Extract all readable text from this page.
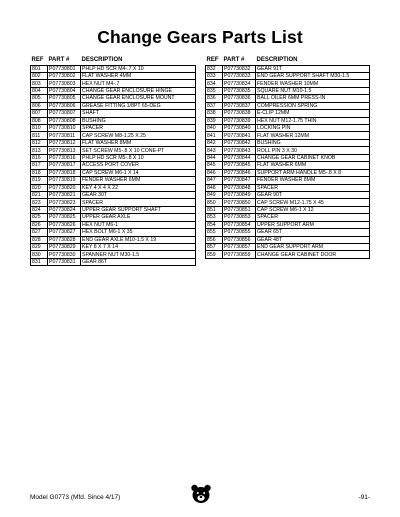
Change Gears Parts List
REF	PART #	DESCRIPTION
801	P07730801	PHLP HD SCR M4-.7 X 10
802	P07730802	FLAT WASHER 4MM
803	P07730803	HEX NUT M4-.7
804	P07730804	CHANGE GEAR ENCLOSURE HINGE
805	P07730805	CHANGE GEAR ENCLOSURE MOUNT
806	P07730806	GREASE FITTING 1/8PT 65-DEG
807	P07730807	SHAFT
808	P07730808	BUSHING
810	P07730810	SPACER
811	P07730811	CAP SCREW M8-1.25 X 25
812	P07730812	FLAT WASHER 8MM
813	P07730813	SET SCREW M5-.8 X 10 CONE-PT
816	P07730816	PHLP HD SCR M5-.8 X 10
817	P07730817	ACCESS PORT COVER
818	P07730818	CAP SCREW M6-1 X 14
819	P07730819	FENDER WASHER 6MM
820	P07730820	KEY 4 X 4 X 22
821	P07730821	GEAR 30T
823	P07730823	SPACER
824	P07730824	UPPER GEAR SUPPORT SHAFT
825	P07730825	UPPER GEAR AXLE
826	P07730826	HEX NUT M6-1
827	P07730827	HEX BOLT M6-1 X 35
828	P07730828	END GEAR AXLE M10-1.5 X 19
829	P07730829	KEY 8 X 7 X 14
830	P07730830	SPANNER NUT M30-1.5
831	P07730831	GEAR 86T
REF	PART #	DESCRIPTION
832	P07730832	GEAR 91T
833	P07730833	END GEAR SUPPORT SHAFT M30-1.5
834	P07730834	FENDER WASHER 10MM
835	P07730835	SQUARE NUT M10-1.5
836	P07730836	BALL OILER 6MM PRESS-IN
837	P07730837	COMPRESSION SPRING
838	P07730838	E-CLIP 12MM
839	P07730839	HEX NUT M12-1.75 THIN
840	P07730840	LOCKING PIN
841	P07730841	FLAT WASHER 12MM
842	P07730842	BUSHING
843	P07730843	ROLL PIN 3 X 30
844	P07730844	CHANGE GEAR CABINET KNOB
845	P07730845	FLAT WASHER 6MM
846	P07730846	SUPPORT ARM HANDLE M5-.8 X 8
847	P07730847	FENDER WASHER 8MM
848	P07730848	SPACER
849	P07730849	GEAR 90T
850	P07730850	CAP SCREW M12-1.75 X 45
851	P07730851	CAP SCREW M6-1 X 12
853	P07730853	SPACER
854	P07730854	UPPER SUPPORT ARM
855	P07730855	GEAR 65T
856	P07730856	GEAR 48T
857	P07730857	END GEAR SUPPORT ARM
859	P07730859	CHANGE GEAR CABINET DOOR
Model G0773 (Mfd. Since 4/17)	-91-
